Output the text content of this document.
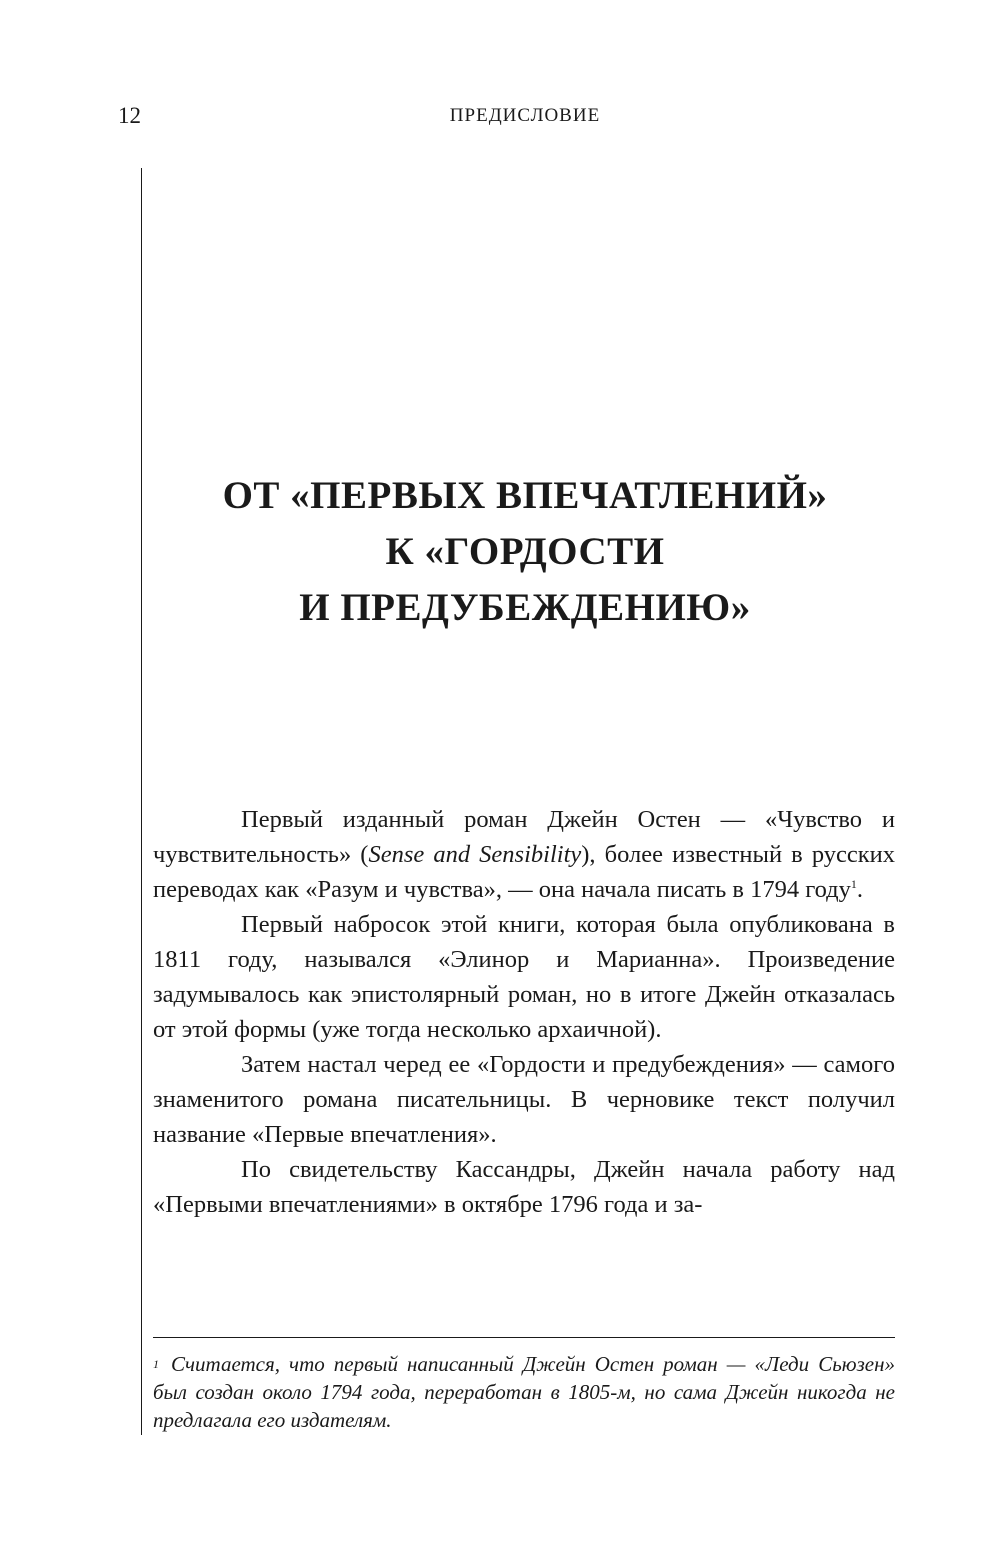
12	ПРЕДИСЛОВИЕ
ОТ «ПЕРВЫХ ВПЕЧАТЛЕНИЙ»
К «ГОРДОСТИ
И ПРЕДУБЕЖДЕНИЮ»

Первый изданный роман Джейн Остен — «Чувство и чувствительность» (Sense and Sensibility), более известный в русских переводах как «Разум и чувства», — она начала писать в 1794 году$^1$.

Первый набросок этой книги, которая была опубликована в 1811 году, назывался «Элинор и Марианна». Произведение задумывалось как эпистолярный роман, но в итоге Джейн отказалась от этой формы (уже тогда несколько архаичной).

Затем настал черед ее «Гордости и предубеждения» — самого знаменитого романа писательницы. В черновике текст получил название «Первые впечатления».

По свидетельству Кассандры, Джейн начала работу над «Первыми впечатлениями» в октябре 1796 года и за-

$^1$ Считается, что первый написанный Джейн Остен роман — «Леди Сьюзен» был создан около 1794 года, переработан в 1805-м, но сама Джейн никогда не предлагала его издателям.
